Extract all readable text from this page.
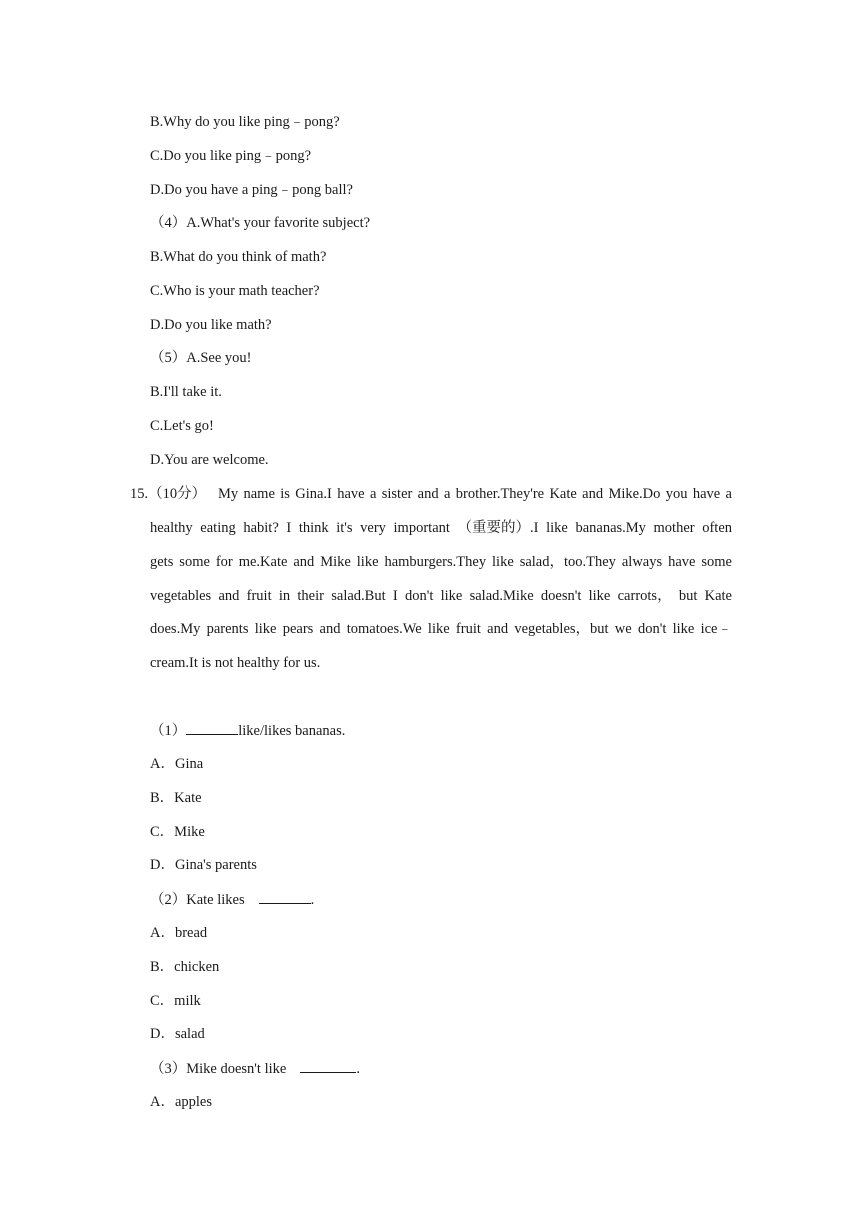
B.Why do you like ping﹣pong?
C.Do you like ping﹣pong?
D.Do you have a ping﹣pong ball?
（4）A.What's your favorite subject?
B.What do you think of math?
C.Who is your math teacher?
D.Do you like math?
（5）A.See you!
B.I'll take it.
C.Let's go!
D.You are welcome.
15.（10分） My name is Gina.I have a sister and a brother.They're Kate and Mike.Do you have a
healthy eating habit? I think it's very important （重要的）.I like bananas.My mother often
gets some for me.Kate and Mike like hamburgers.They like salad，too.They always have some
vegetables and fruit in their salad.But I don't like salad.Mike doesn't like carrots， but Kate
does.My parents like pears and tomatoes.We like fruit and vegetables，but we don't like ice﹣
cream.It is not healthy for us.
（1）	like/likes bananas.
A．Gina
B．Kate
C．Mike
D．Gina's parents
（2）Kate likes	.
A．bread
B．chicken
C．milk
D．salad
（3）Mike doesn't like	.
A．apples
